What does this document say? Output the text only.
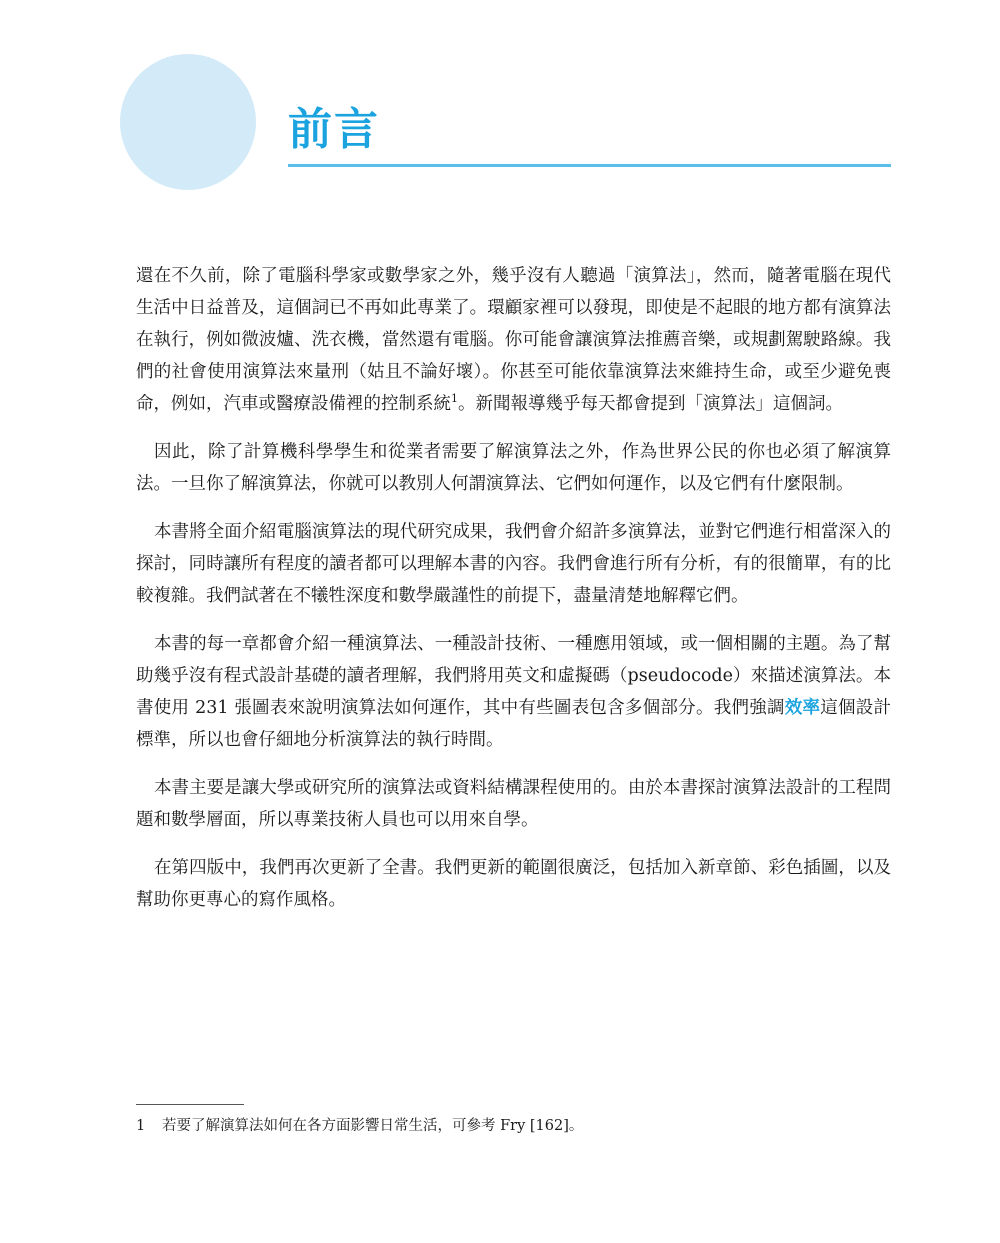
前言

還在不久前，除了電腦科學家或數學家之外，幾乎沒有人聽過「演算法」，然而，隨著電腦在現代生活中日益普及，這個詞已不再如此專業了。環顧家裡可以發現，即使是不起眼的地方都有演算法在執行，例如微波爐、洗衣機，當然還有電腦。你可能會讓演算法推薦音樂，或規劃駕駛路線。我們的社會使用演算法來量刑（姑且不論好壞）。你甚至可能依靠演算法來維持生命，或至少避免喪命，例如，汽車或醫療設備裡的控制系統$^1$。新聞報導幾乎每天都會提到「演算法」這個詞。

因此，除了計算機科學學生和從業者需要了解演算法之外，作為世界公民的你也必須了解演算法。一旦你了解演算法，你就可以教別人何謂演算法、它們如何運作，以及它們有什麼限制。

本書將全面介紹電腦演算法的現代研究成果，我們會介紹許多演算法，並對它們進行相當深入的探討，同時讓所有程度的讀者都可以理解本書的內容。我們會進行所有分析，有的很簡單，有的比較複雜。我們試著在不犧牲深度和數學嚴謹性的前提下，盡量清楚地解釋它們。

本書的每一章都會介紹一種演算法、一種設計技術、一種應用領域，或一個相關的主題。為了幫助幾乎沒有程式設計基礎的讀者理解，我們將用英文和虛擬碼（pseudocode）來描述演算法。本書使用 231 張圖表來說明演算法如何運作，其中有些圖表包含多個部分。我們強調效率這個設計標準，所以也會仔細地分析演算法的執行時間。

本書主要是讓大學或研究所的演算法或資料結構課程使用的。由於本書探討演算法設計的工程問題和數學層面，所以專業技術人員也可以用來自學。

在第四版中，我們再次更新了全書。我們更新的範圍很廣泛，包括加入新章節、彩色插圖，以及幫助你更專心的寫作風格。

1 若要了解演算法如何在各方面影響日常生活，可參考 Fry [162]。
